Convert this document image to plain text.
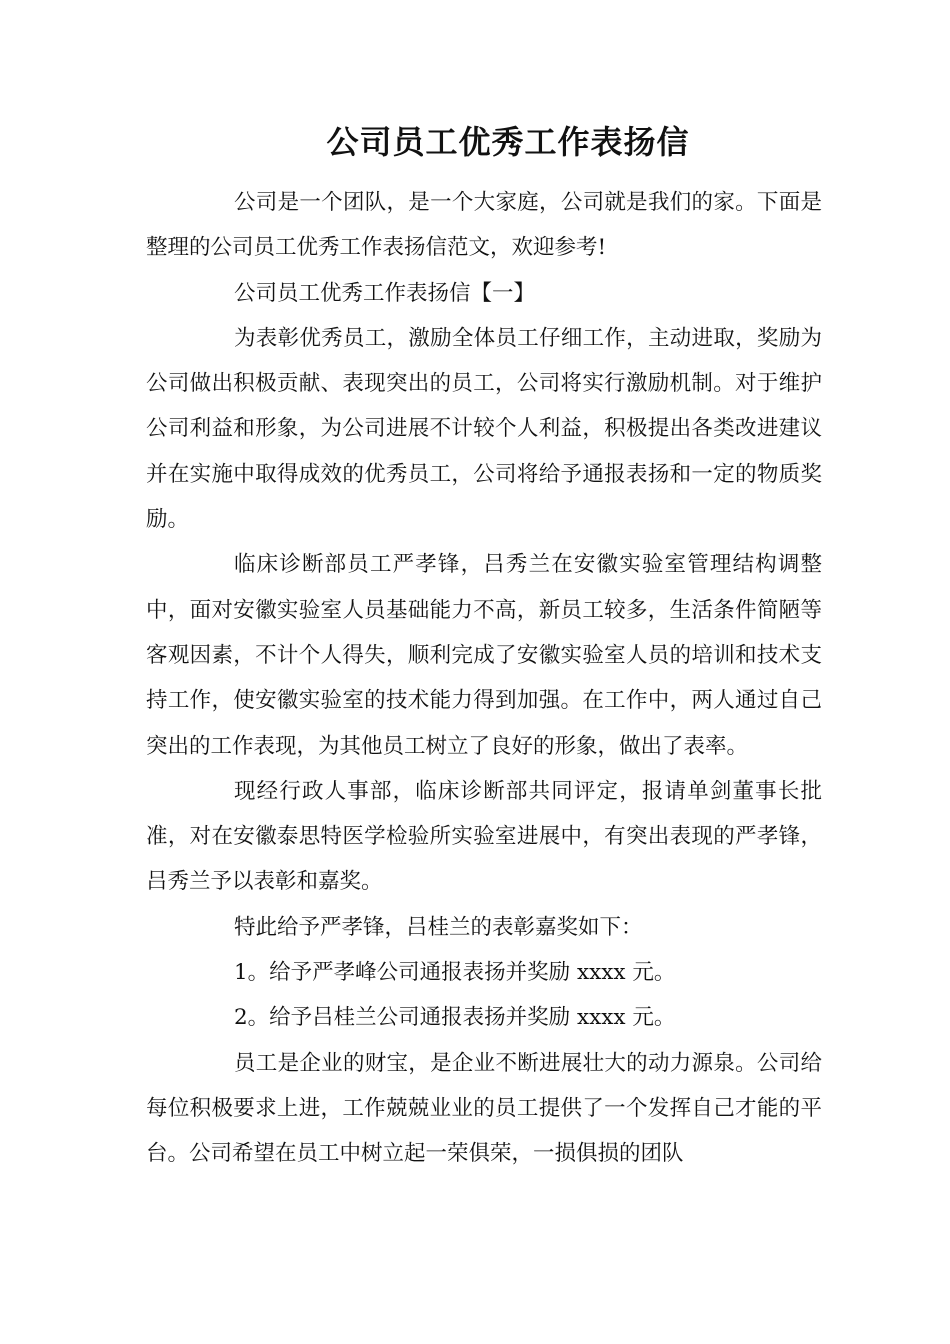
公司员工优秀工作表扬信

公司是一个团队，是一个大家庭，公司就是我们的家。下面是整理的公司员工优秀工作表扬信范文，欢迎参考!

公司员工优秀工作表扬信【一】

为表彰优秀员工，激励全体员工仔细工作，主动进取，奖励为公司做出积极贡献、表现突出的员工，公司将实行激励机制。对于维护公司利益和形象，为公司进展不计较个人利益，积极提出各类改进建议并在实施中取得成效的优秀员工，公司将给予通报表扬和一定的物质奖励。

临床诊断部员工严孝锋，吕秀兰在安徽实验室管理结构调整中，面对安徽实验室人员基础能力不高，新员工较多，生活条件简陋等客观因素，不计个人得失，顺利完成了安徽实验室人员的培训和技术支持工作，使安徽实验室的技术能力得到加强。在工作中，两人通过自己突出的工作表现，为其他员工树立了良好的形象，做出了表率。

现经行政人事部，临床诊断部共同评定，报请单剑董事长批准，对在安徽泰思特医学检验所实验室进展中，有突出表现的严孝锋，吕秀兰予以表彰和嘉奖。

特此给予严孝锋，吕桂兰的表彰嘉奖如下：

1。给予严孝峰公司通报表扬并奖励 xxxx 元。

2。给予吕桂兰公司通报表扬并奖励 xxxx 元。

员工是企业的财宝，是企业不断进展壮大的动力源泉。公司给每位积极要求上进，工作兢兢业业的员工提供了一个发挥自己才能的平台。公司希望在员工中树立起一荣俱荣，一损俱损的团队
